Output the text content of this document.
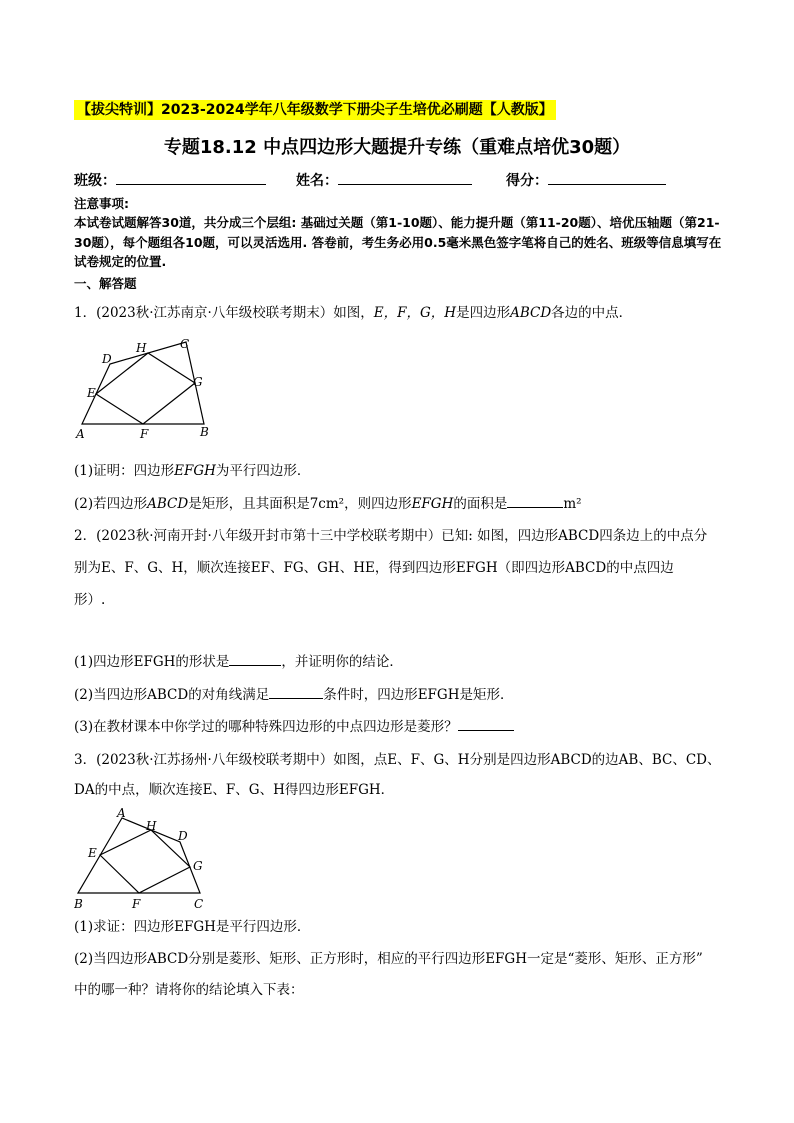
【拔尖特训】2023-2024学年八年级数学下册尖子生培优必刷题【人教版】
专题18.12 中点四边形大题提升专练（重难点培优30题）
班级：	姓名：	得分：
注意事项:
本试卷试题解答30道，共分成三个层组: 基础过关题（第1-10题）、能力提升题（第11-20题）、培优压轴题（第21-30题），每个题组各10题，可以灵活选用. 答卷前，考生务必用0.5毫米黑色签字笔将自己的姓名、班级等信息填写在试卷规定的位置.
一、解答题
1．(2023秋·江苏南京·八年级校联考期末）如图，E，F，G，H是四边形ABCD各边的中点．
A	B
C
D
E
F
G
H
(1)证明：四边形EFGH为平行四边形．
(2)若四边形ABCD是矩形，且其面积是7cm²，则四边形EFGH的面积是	m²
2．(2023秋·河南开封·八年级开封市第十三中学校联考期中）已知: 如图，四边形ABCD四条边上的中点分
别为E、F、G、H，顺次连接EF、FG、GH、HE，得到四边形EFGH（即四边形ABCD的中点四边
形）.
(1)四边形EFGH的形状是	，并证明你的结论．
(2)当四边形ABCD的对角线满足	条件时，四边形EFGH是矩形．
(3)在教材课本中你学过的哪种特殊四边形的中点四边形是菱形？
3．(2023秋·江苏扬州·八年级校联考期中）如图，点E、F、G、H分别是四边形ABCD的边AB、BC、CD、
DA的中点，顺次连接E、F、G、H得四边形EFGH．
A
B	C
D
E
F
G
H
(1)求证：四边形EFGH是平行四边形．
(2)当四边形ABCD分别是菱形、矩形、正方形时，相应的平行四边形EFGH一定是“菱形、矩形、正方形”
中的哪一种？请将你的结论填入下表：
